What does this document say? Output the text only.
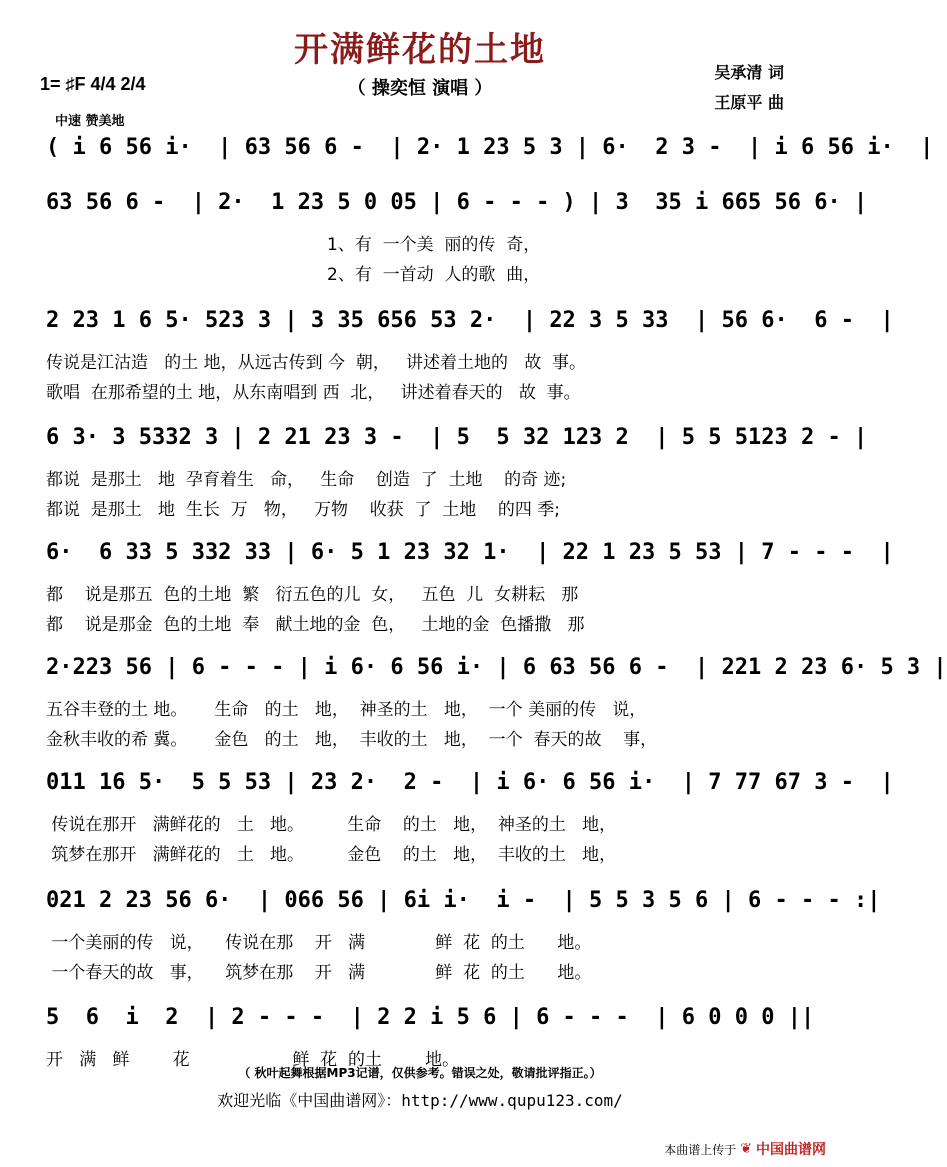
开满鲜花的土地
（ 操奕恒 演唱 ）
吴承清 词
王原平 曲
1= ♯F 4/4 2/4
中速 赞美地
( i 6 56 i·  | 63 56 6 -  | 2· 1 23 5 3 | 6·  2 3 -  | i 6 56 i·  |
63 56 6 -  | 2·  1 23 5 0 05 | 6 - - - ) | 3  35 i 665 56 6· |
1、有  一个美  丽的传  奇，
2、有  一首动  人的歌  曲，
2 23 1 6 5· 523 3 | 3 35 656 53 2·  | 22 3 5 33  | 56 6·  6 -  |
传说是江沽造   的土 地，从远古传到 今  朝，   讲述着土地的   故  事。
歌唱  在那希望的土 地，从东南唱到 西  北，   讲述着春天的   故  事。
6 3· 3 5332 3 | 2 21 23 3 -  | 5  5 32 123 2  | 5 5 5123 2 - |
都说  是那土   地  孕育着生   命，   生命    创造  了  土地    的奇 迹;
都说  是那土   地  生长  万   物，   万物    收获  了  土地    的四 季;
6·  6 33 5 332 33 | 6· 5 1 23 32 1·  | 22 1 23 5 53 | 7 - - -  |
都    说是那五  色的土地  繁   衍五色的儿  女，   五色  儿  女耕耘   那
都    说是那金  色的土地  奉   献土地的金  色，   土地的金  色播撒   那
2·223 56 | 6 - - - | i 6· 6 56 i· | 6 63 56 6 -  | 221 2 23 6· 5 3 |
五谷丰登的土 地。     生命   的土   地，  神圣的土   地，  一个 美丽的传   说，
金秋丰收的希 冀。     金色   的土   地，  丰收的土   地，  一个  春天的故    事，
011 16 5·  5 5 53 | 23 2·  2 -  | i 6· 6 56 i·  | 7 77 67 3 -  |
传说在那开   满鲜花的   土   地。        生命    的土   地，  神圣的土   地，
筑梦在那开   满鲜花的   土   地。        金色    的土   地，  丰收的土   地，
021 2 23 56 6·  | 066 56 | 6i i·  i -  | 5 5 3 5 6 | 6 - - - :|
一个美丽的传   说，    传说在那    开   满             鲜  花  的土      地。
一个春天的故   事，    筑梦在那    开   满             鲜  花  的土      地。
5  6  i  2  | 2 - - -  | 2 2 i 5 6 | 6 - - -  | 6 0 0 0 ||
开   满   鲜        花                   鲜  花  的土        地。
（ 秋叶起舞根据MP3记谱，仅供参考。错误之处，敬请批评指正。）
欢迎光临《中国曲谱网》：http://www.qupu123.com/
本曲谱上传于 ❦ 中国曲谱网
